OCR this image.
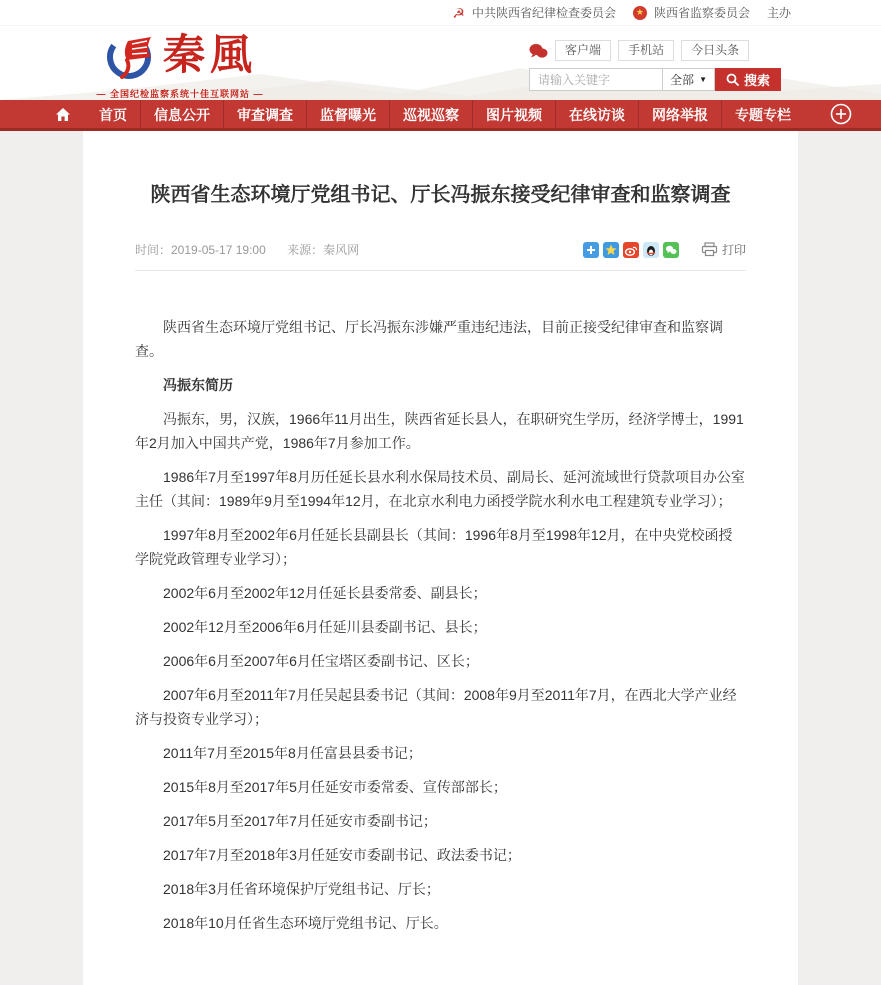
☭ 中共陕西省纪律检查委员会	★ 陕西省监察委员会 主办
秦風
— 全国纪检监察系统十佳互联网站 —
客户端	手机站	今日头条
请输入关键字
全部 ▼	搜索
首页	信息公开	审查调查	监督曝光	巡视巡察	图片视频	在线访谈	网络举报	专题专栏
陕西省生态环境厅党组书记、厅长冯振东接受纪律审查和监察调查
时间：2019-05-17 19:00 来源：秦风网	打印

陕西省生态环境厅党组书记、厅长冯振东涉嫌严重违纪违法，目前正接受纪律审查和监察调查。

冯振东简历

冯振东，男，汉族，1966年11月出生，陕西省延长县人，在职研究生学历，经济学博士，1991年2月加入中国共产党，1986年7月参加工作。

1986年7月至1997年8月历任延长县水利水保局技术员、副局长、延河流域世行贷款项目办公室主任（其间：1989年9月至1994年12月，在北京水利电力函授学院水利水电工程建筑专业学习）；

1997年8月至2002年6月任延长县副县长（其间：1996年8月至1998年12月，在中央党校函授学院党政管理专业学习）；

2002年6月至2002年12月任延长县委常委、副县长；

2002年12月至2006年6月任延川县委副书记、县长；

2006年6月至2007年6月任宝塔区委副书记、区长；

2007年6月至2011年7月任吴起县委书记（其间：2008年9月至2011年7月，在西北大学产业经济与投资专业学习）；

2011年7月至2015年8月任富县县委书记；

2015年8月至2017年5月任延安市委常委、宣传部部长；

2017年5月至2017年7月任延安市委副书记；

2017年7月至2018年3月任延安市委副书记、政法委书记；

2018年3月任省环境保护厅党组书记、厅长；

2018年10月任省生态环境厅党组书记、厅长。
